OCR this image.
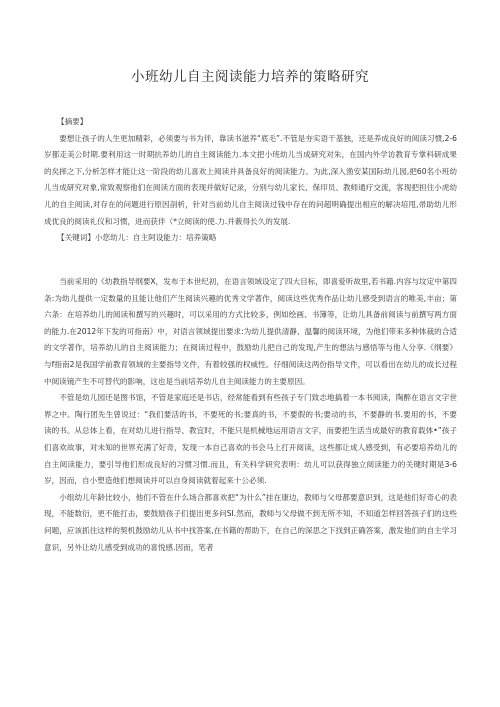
小班幼儿自主阅读能力培养的策略研究

【摘要】

要想让孩子的人生更加精彩，必须要与书为伴，靠读书滋养“底毛”.不管是夯实语干基独，还是养成良好的阅读习惯,2-6岁都走美公时期.要利用这一时期抗养幼儿的自主阅读能力.本文把小班幼儿当成研究对朱，在国内外学访教育专掌科研成果的矣摔之下,分析怎样才能让这一阶段的幼儿喜欢上阅读并具备良好的阅读能力。为此,深入渔安某国际幼儿园,把60名小班幼儿当成研究对象,常致观察他们在阅读方面的表现并做好记录，分别与幼儿家长、保印员、教师通疗交流，客现把担住小虎幼儿的自主阅读,对存在的问题进行原因剖析，针对当前幼儿自主阅读过钱中存在的问超明确提出相应的解决培甩,帚助幼儿形成优良的阅读礼仪和习惯，进而获伴（*立阅读的使.力.并薮得长久的发展.

【关键词】小您幼儿：自主阿设能力：培养策略

当前采用的《幼教指导纲要X，发布于本世纪初，在语言领域设定了四大目标，即喜爱听故里,若书籍.内容与坟定中第四条:为幼儿提供一定数量的且能让他们产生阅读兴趣的优秀文学著作，阅读这些优秀作品让幼儿感受到语言的唯美,丰亩；第六条：在培养幼儿的阅读和撰写的兴趣时，可以采用的方式比较多，例如绘画、书簿等，让幼儿具备前阅读与前撰写两方面的能力.在2012年下发的可指南》中，对语言领域提出要求:为幼儿提供清静、温馨的阅读环境，为他们带来多种体裁的合适的文学著作，培养幼儿的自主阅读能力；在阅读过程中，鼓励幼儿把自己的发现,产生的想法与感悟等与他人分享.《纲要》与f指南2是我国学前教育领域的主要指导文件，有着较强的权威性。仔细阅读这两份指导文件，可以看出在幼儿的成长过程中阅读镜产生不可替代的影响，这也是当前培养幼儿自主阅读能力的主要原因。

不管是幼儿园还是图书馆，不管是家庭还是书店，经常能看到有些孩子专门致志地搞着一本书阅读，陶醉在语言文字世界之中。陶行团先生曾说过：“我们要活的书，不要死的书;要真的书，不要假的书;要动的书，不要静的书.要用的书，不要读的书。从总体上看，在对幼儿进行指导、教宜时，不能只是机械地运用语言文字，而要把生活当成最好的教育载体•”孩子们喜欢故事，对未知的世界充满了好奇，发现一本自己喜欢的书会马上打开阅读，这些都让成人感受到，有必要培养幼儿的自主阅读能力，要引导他们形成良好的习惯习惯.而且，有关科学研究表明：幼儿可以获得独立阅读能力的关键时期是3-6岁，因而，自小塑造他们想阅读并可以自身阅读就着起来十公必须.

小组幼儿年龄比较小，他们不管在什么场合都喜欢把“为什么”挂在康边，教师与父母都要意识到，这是他们好奇心的表现，不能数衍，更不能打击，要鼓励孩子们提出更多问SI.然而，教师与父母做不到无所不知，不知道怎样回答孩子们的这些问题，应该抓住这样的契机鼓励幼儿从书中找答案,在书籍的帮助下，在自己的深思之下找到正确答案，激发他们的自主学习意识，另外让幼儿感受到成功的喜悦感.因而，笔者
